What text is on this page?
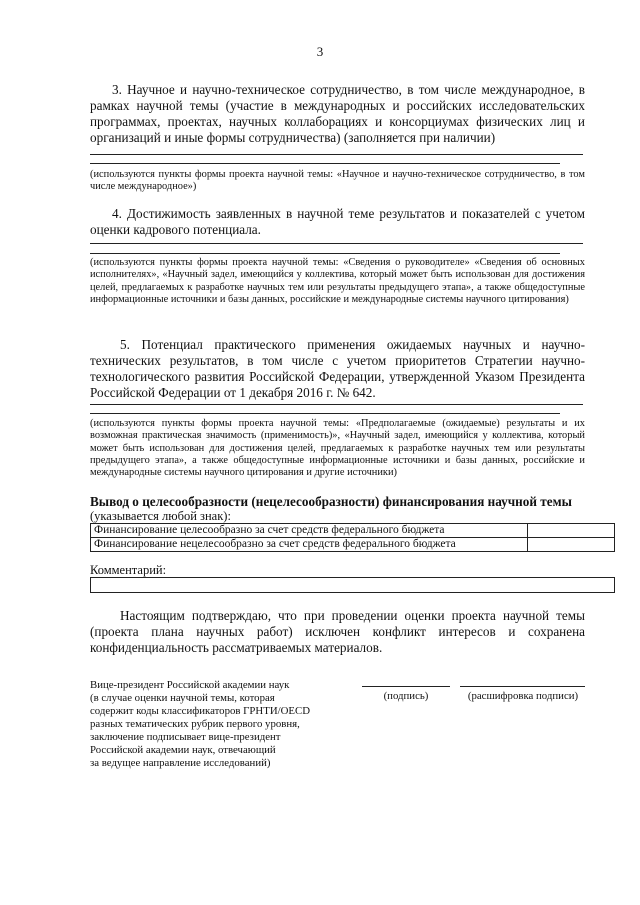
3
3. Научное и научно-техническое сотрудничество, в том числе международное, в рамках научной темы (участие в международных и российских исследовательских программах, проектах, научных коллаборациях и консорциумах физических лиц и организаций и иные формы сотрудничества) (заполняется при наличии)
(используются пункты формы проекта научной темы: «Научное и научно-техническое сотрудничество, в том числе международное»)
4. Достижимость заявленных в научной теме результатов и показателей с учетом оценки кадрового потенциала.
(используются пункты формы проекта научной темы: «Сведения о руководителе» «Сведения об основных исполнителях», «Научный задел, имеющийся у коллектива, который может быть использован для достижения целей, предлагаемых к разработке научных тем или результаты предыдущего этапа», а также общедоступные информационные источники и базы данных, российские и международные системы научного цитирования)
5. Потенциал практического применения ожидаемых научных и научно-технических результатов, в том числе с учетом приоритетов Стратегии научно-технологического развития Российской Федерации, утвержденной Указом Президента Российской Федерации от 1 декабря 2016 г. № 642.
(используются пункты формы проекта научной темы: «Предполагаемые (ожидаемые) результаты и их возможная практическая значимость (применимость)», «Научный задел, имеющийся у коллектива, который может быть использован для достижения целей, предлагаемых к разработке научных тем или результаты предыдущего этапа», а также общедоступные информационные источники и базы данных, российские и международные системы научного цитирования и другие источники)
Вывод о целесообразности (нецелесообразности) финансирования научной темы
(указывается любой знак):
Финансирование целесообразно за счет средств федерального бюджета	
Финансирование нецелесообразно за счет средств федерального бюджета	
Комментарий:
Настоящим подтверждаю, что при проведении оценки проекта научной темы (проекта плана научных работ) исключен конфликт интересов и сохранена конфиденциальность рассматриваемых материалов.
Вице-президент Российской академии наук
(в случае оценки научной темы, которая
содержит коды классификаторов ГРНТИ/OECD
разных тематических рубрик первого уровня,
заключение подписывает вице-президент
Российской академии наук, отвечающий
за ведущее направление исследований)
(подпись)	(расшифровка подписи)
